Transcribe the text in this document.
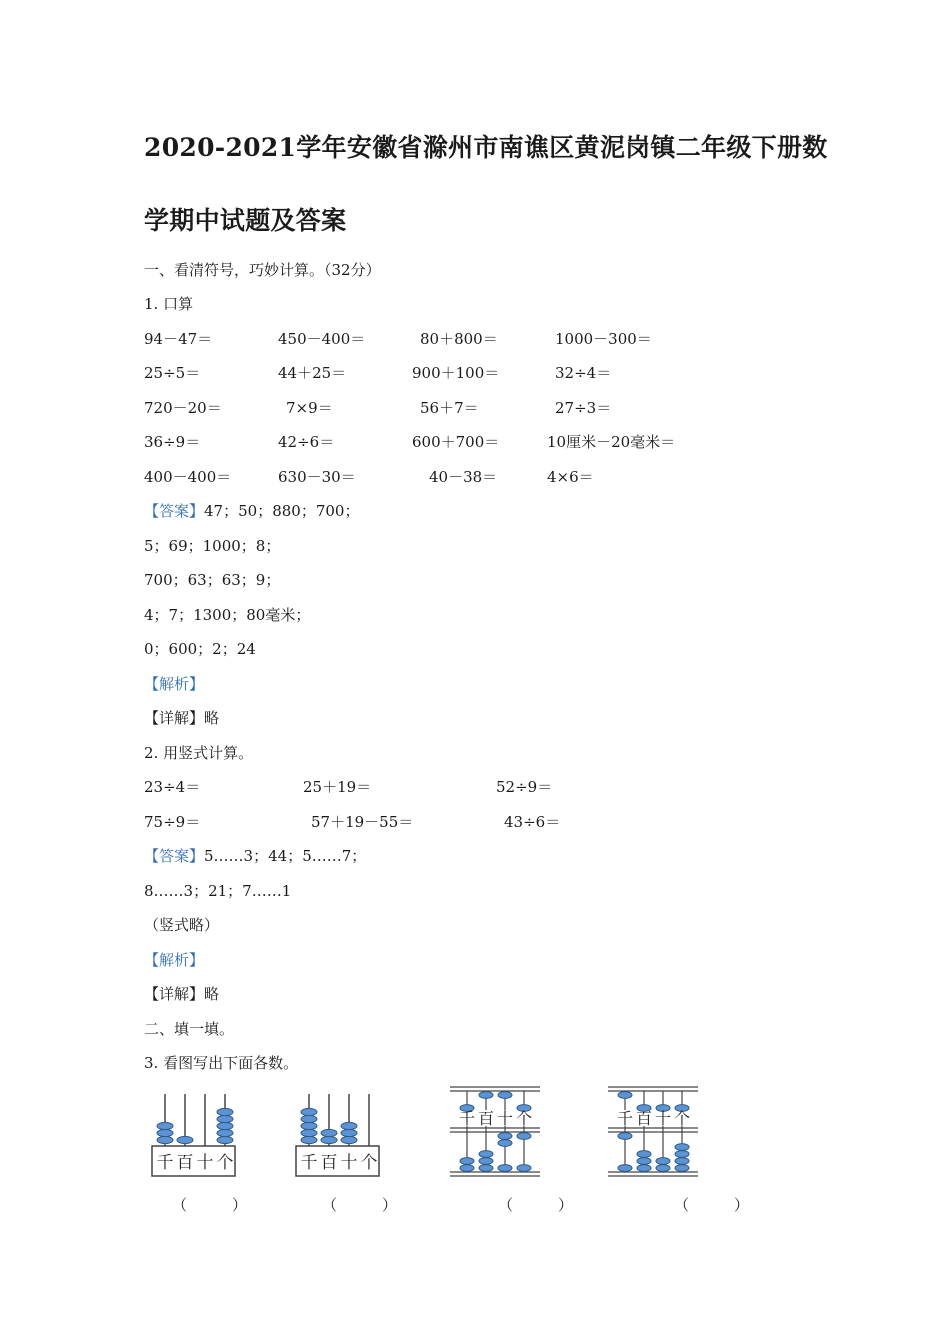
2020-2021学年安徽省滁州市南谯区黄泥岗镇二年级下册数
学期中试题及答案
一、看清符号，巧妙计算。（32分）
1. 口算
94－47＝	450－400＝	80＋800＝	1000－300＝
25÷5＝	44＋25＝	900＋100＝	32÷4＝
720－20＝	7×9＝	56＋7＝	27÷3＝
36÷9＝	42÷6＝	600＋700＝	10厘米－20毫米＝
400－400＝	630－30＝	40－38＝	4×6＝
【答案】47；50；880；700；
5；69；1000；8；
700；63；63；9；
4；7；1300；80毫米；
0；600；2；24
【解析】
【详解】略
2. 用竖式计算。
23÷4＝	25＋19＝	52÷9＝
75÷9＝	57＋19－55＝	43÷6＝
【答案】5……3；44；5……7；
8……3；21；7……1
（竖式略）
【解析】
【详解】略
二、填一填。
3. 看图写出下面各数。
千 百 十 个	千 百 十 个
千 百 十 个	千 百 十 个
（　　　）	（　　　）	（　　　）	（　　　）
